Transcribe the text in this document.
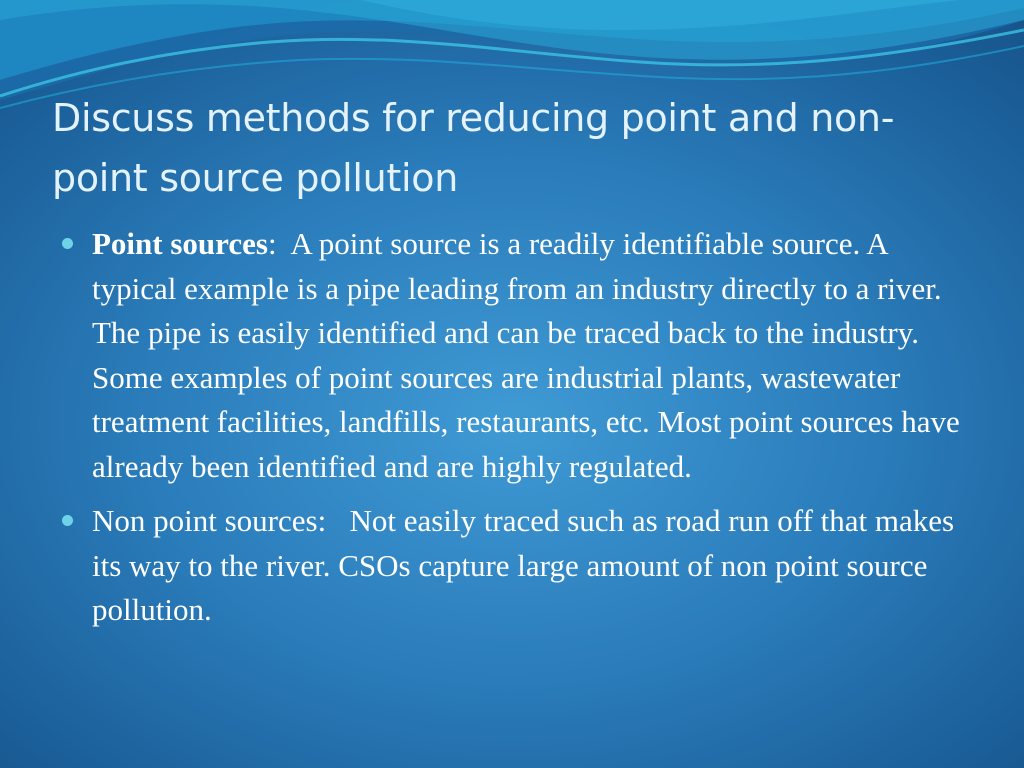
Discuss methods for reducing point and non-point source pollution
Point sources:  A point source is a readily identifiable source. A typical example is a pipe leading from an industry directly to a river. The pipe is easily identified and can be traced back to the industry. Some examples of point sources are industrial plants, wastewater treatment facilities, landfills, restaurants, etc. Most point sources have already been identified and are highly regulated.
Non point sources:   Not easily traced such as road run off that makes its way to the river. CSOs capture large amount of non point source pollution.
